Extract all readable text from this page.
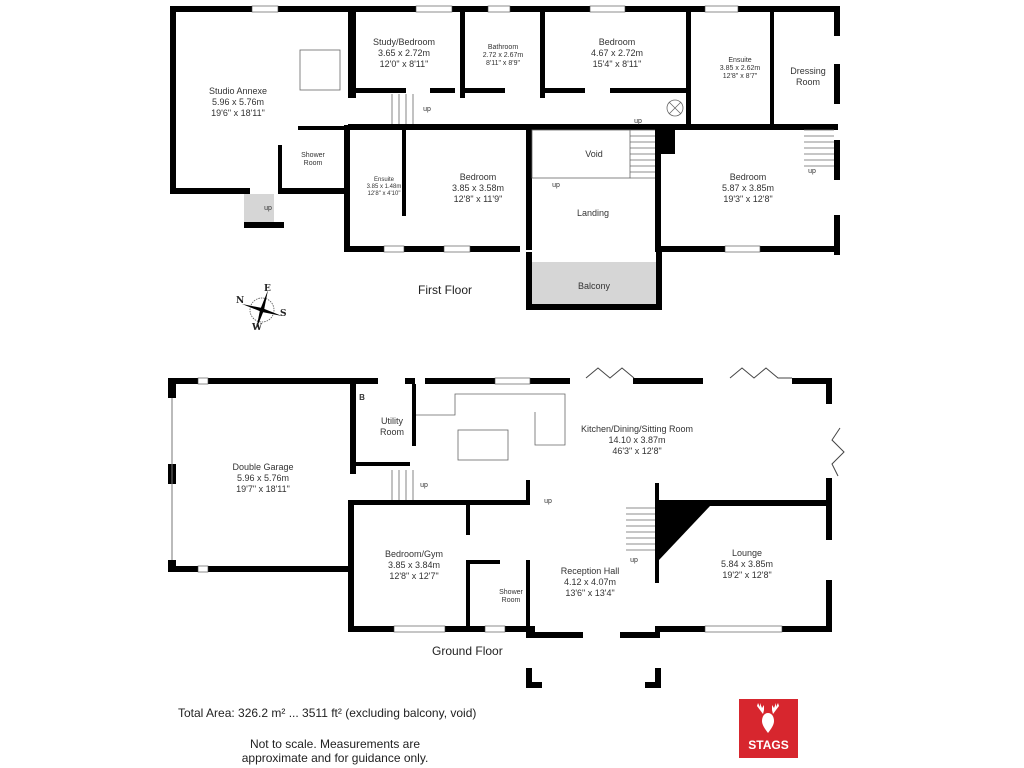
N
E
S
W
Studio Annexe
5.96 x 5.76m
19'6" x 18'11"
Study/Bedroom
3.65 x 2.72m
12'0" x 8'11"
Bathroom
2.72 x 2.67m
8'11" x 8'9"
Bedroom
4.67 x 2.72m
15'4" x 8'11"	Ensuite
3.85 x 2.62m
12'8" x 8'7"
Dressing Room
Shower Room
Ensuite
3.85 x 1.48m
12'8" x 4'10"
Bedroom
3.85 x 3.58m
12'8" x 11'9"
Void
Landing
Bedroom
5.87 x 3.85m
19'3" x 12'8"
Balcony
up
up
up
up
up
First Floor
Double Garage
5.96 x 5.76m
19'7" x 18'11"
Utility Room	Kitchen/Dining/Sitting Room
14.10 x 3.87m
46'3" x 12'8"
Bedroom/Gym
3.85 x 3.84m
12'8" x 12'7"
Shower Room
Reception Hall
4.12 x 4.07m
13'6" x 13'4"
Lounge
5.84 x 3.85m
19'2" x 12'8"
B
up
up
up
Ground Floor
Total Area: 326.2 m² ... 3511 ft² (excluding balcony, void)
Not to scale. Measurements are
approximate and for guidance only.
STAGS
